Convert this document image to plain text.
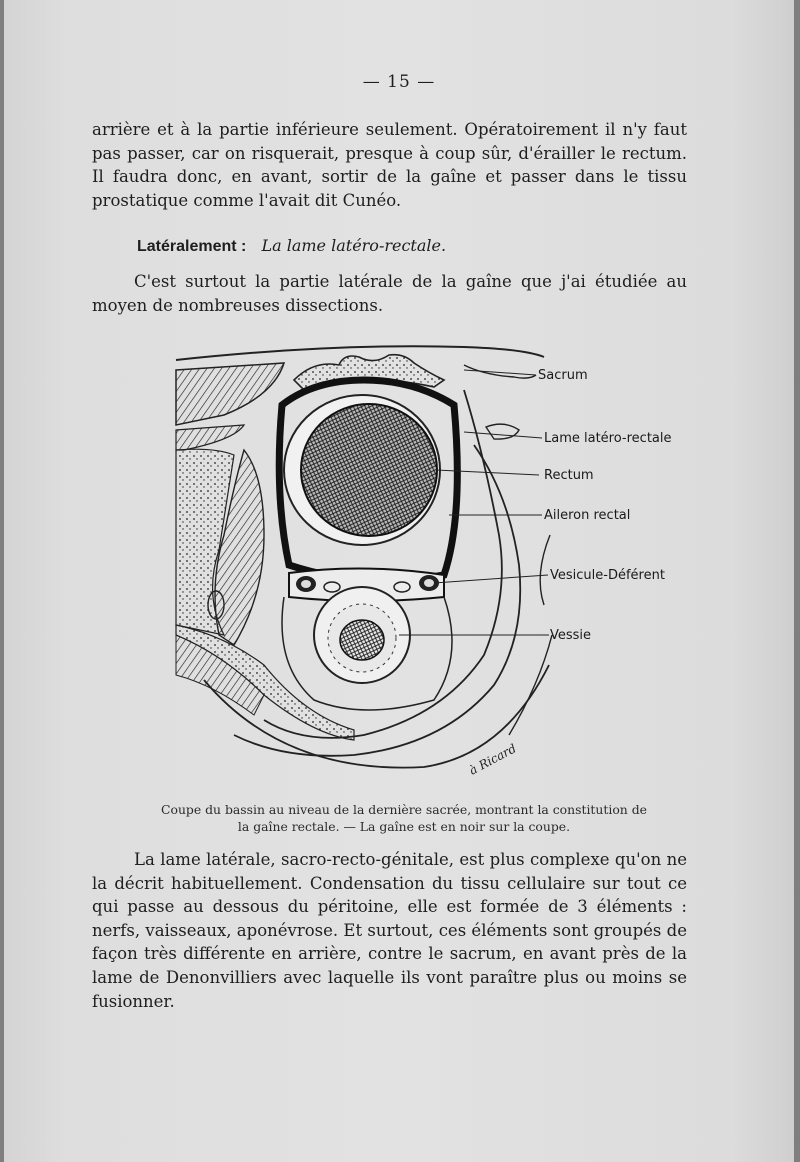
— 15 —

arrière et à la partie inférieure seulement. Opératoirement il n'y faut pas passer, car on risquerait, presque à coup sûr, d'érailler le rectum. Il faudra donc, en avant, sortir de la gaîne et passer dans le tissu prostatique comme l'avait dit Cunéo.

Latéralement : La lame latéro-rectale.

C'est surtout la partie latérale de la gaîne que j'ai étudiée au moyen de nombreuses dissections.

Sacrum
Lame latéro-rectale
Rectum
Aileron rectal
Vesicule-Déférent
Vessie
à Ricard

Coupe du bassin au niveau de la dernière sacrée, montrant la constitution de la gaîne rectale. — La gaîne est en noir sur la coupe.

La lame latérale, sacro-recto-génitale, est plus complexe qu'on ne la décrit habituellement. Condensation du tissu cellulaire sur tout ce qui passe au dessous du péritoine, elle est formée de 3 éléments : nerfs, vaisseaux, aponévrose. Et surtout, ces éléments sont groupés de façon très différente en arrière, contre le sacrum, en avant près de la lame de Denonvilliers avec laquelle ils vont paraître plus ou moins se fusionner.
